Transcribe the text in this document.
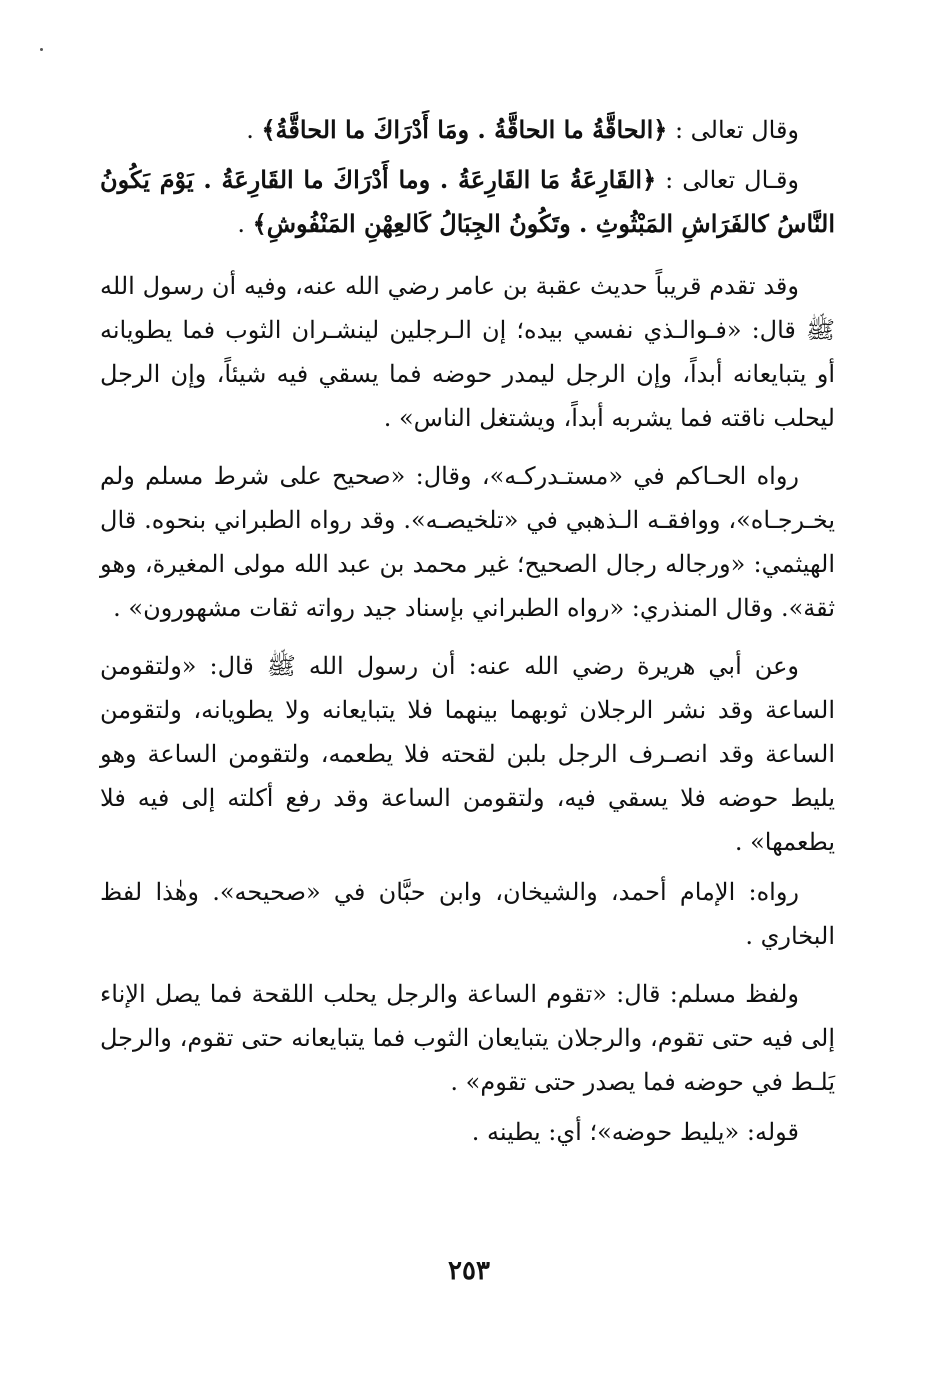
وقال تعالى : ﴿الحاقَّةُ ما الحاقَّةُ . ومَا أَدْرَاكَ ما الحاقَّةُ﴾ .

وقـال تعالى : ﴿القَارِعَةُ مَا القَارِعَةُ . وما أَدْرَاكَ ما القَارِعَةُ . يَوْمَ يَكُونُ النَّاسُ كالفَرَاشِ المَبْثُوثِ . وتَكُونُ الجِبَالُ كَالعِهْنِ المَنْفُوشِ﴾ .

وقد تقدم قريباً حديث عقبة بن عامر رضي الله عنه، وفيه أن رسول الله ﷺ قال: «فـوالـذي نفسي بيده؛ إن الـرجلين لينشـران الثوب فما يطويانه أو يتبايعانه أبداً، وإن الرجل ليمدر حوضه فما يسقي فيه شيئاً، وإن الرجل ليحلب ناقته فما يشربه أبداً، ويشتغل الناس» .

رواه الحـاكم في «مستـدركـه»، وقال: «صحيح على شرط مسلم ولم يخـرجـاه»، ووافقـه الـذهبي في «تلخيصـه». وقد رواه الطبراني بنحوه. قال الهيثمي: «ورجاله رجال الصحيح؛ غير محمد بن عبد الله مولى المغيرة، وهو ثقة». وقال المنذري: «رواه الطبراني بإسناد جيد رواته ثقات مشهورون» .

وعن أبي هريرة رضي الله عنه: أن رسول الله ﷺ قال: «ولتقومن الساعة وقد نشر الرجلان ثوبهما بينهما فلا يتبايعانه ولا يطويانه، ولتقومن الساعة وقد انصـرف الرجل بلبن لقحته فلا يطعمه، ولتقومن الساعة وهو يليط حوضه فلا يسقي فيه، ولتقومن الساعة وقد رفع أكلته إلى فيه فلا يطعمها» .

رواه: الإمام أحمد، والشيخان، وابن حبَّان في «صحيحه». وهٰذا لفظ البخاري .

ولفظ مسلم: قال: «تقوم الساعة والرجل يحلب اللقحة فما يصل الإناء إلى فيه حتى تقوم، والرجلان يتبايعان الثوب فما يتبايعانه حتى تقوم، والرجل يَلـط في حوضه فما يصدر حتى تقوم» .

قوله: «يليط حوضه»؛ أي: يطينه .

٢٥٣
